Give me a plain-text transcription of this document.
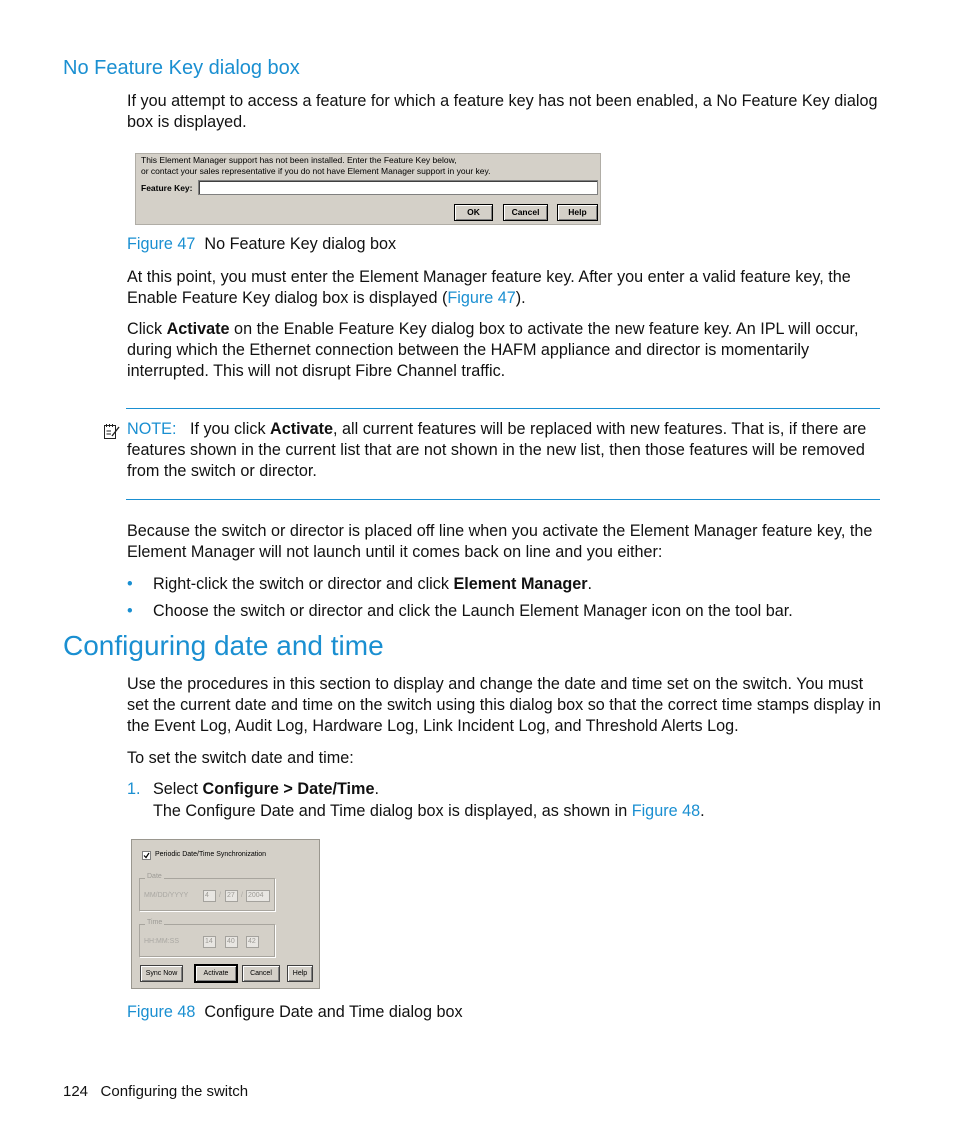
No Feature Key dialog box
If you attempt to access a feature for which a feature key has not been enabled, a No Feature Key dialog box is displayed.
This Element Manager support has not been installed. Enter the Feature Key below,
or contact your sales representative if you do not have Element Manager support in your key.
Feature Key:
OK	Cancel	Help
Figure 47 No Feature Key dialog box
At this point, you must enter the Element Manager feature key. After you enter a valid feature key, the Enable Feature Key dialog box is displayed (Figure 47).
Click Activate on the Enable Feature Key dialog box to activate the new feature key. An IPL will occur, during which the Ethernet connection between the HAFM appliance and director is momentarily interrupted. This will not disrupt Fibre Channel traffic.
NOTE: If you click Activate, all current features will be replaced with new features. That is, if there are features shown in the current list that are not shown in the new list, then those features will be removed from the switch or director.
Because the switch or director is placed off line when you activate the Element Manager feature key, the Element Manager will not launch until it comes back on line and you either:
• Right-click the switch or director and click Element Manager.
• Choose the switch or director and click the Launch Element Manager icon on the tool bar.
Configuring date and time
Use the procedures in this section to display and change the date and time set on the switch. You must set the current date and time on the switch using this dialog box so that the correct time stamps display in the Event Log, Audit Log, Hardware Log, Link Incident Log, and Threshold Alerts Log.
To set the switch date and time:
1. Select Configure > Date/Time.
The Configure Date and Time dialog box is displayed, as shown in Figure 48.
Periodic Date/Time Synchronization
Date
MM/DD/YYYY 4	/ 27 / 2004
Time
HH:MM:SS	14	40	42
Sync Now	Activate	Cancel	Help
Figure 48 Configure Date and Time dialog box
124 Configuring the switch
